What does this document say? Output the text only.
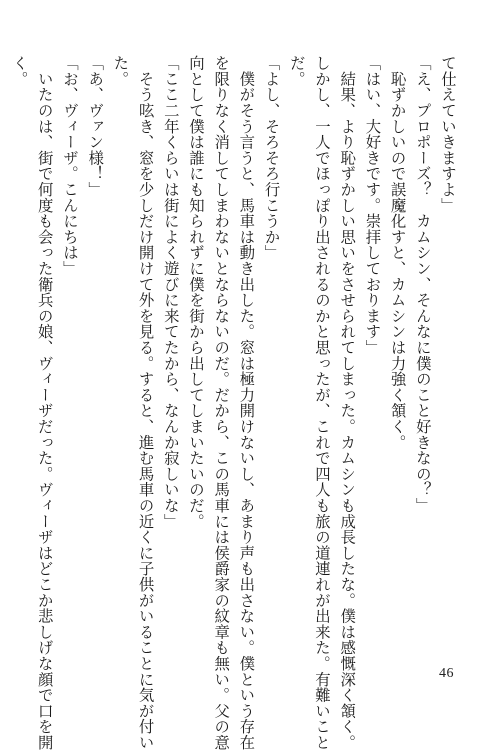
て仕えていきますよ」
「え、プロポーズ？　カムシン、そんなに僕のこと好きなの？」
　恥ずかしいので誤魔化すと、カムシンは力強く頷く。
「はい、大好きです。崇拝しております」
　結果、より恥ずかしい思いをさせられてしまった。カムシンも成長したな。僕は感慨深く頷く。
しかし、一人でほっぽり出されるのかと思ったが、これで四人も旅の道連れが出来た。有難いこと
だ。
「よし、そろそろ行こうか」
　僕がそう言うと、馬車は動き出した。窓は極力開けないし、あまり声も出さない。僕という存在
を限りなく消してしまわないとならないのだ。だから、この馬車には侯爵家の紋章も無い。父の意
向として僕は誰にも知られずに僕を街から出してしまいたいのだ。
「ここ二年くらいは街によく遊びに来てたから、なんか寂しいな」
　そう呟き、窓を少しだけ開けて外を見る。すると、進む馬車の近くに子供がいることに気が付い
た。
「あ、ヴァン様！」
「お、ヴィーザ。こんにちは」
　いたのは、街で何度も会った衛兵の娘、ヴィーザだった。ヴィーザはどこか悲しげな顔で口を開
く。
46
